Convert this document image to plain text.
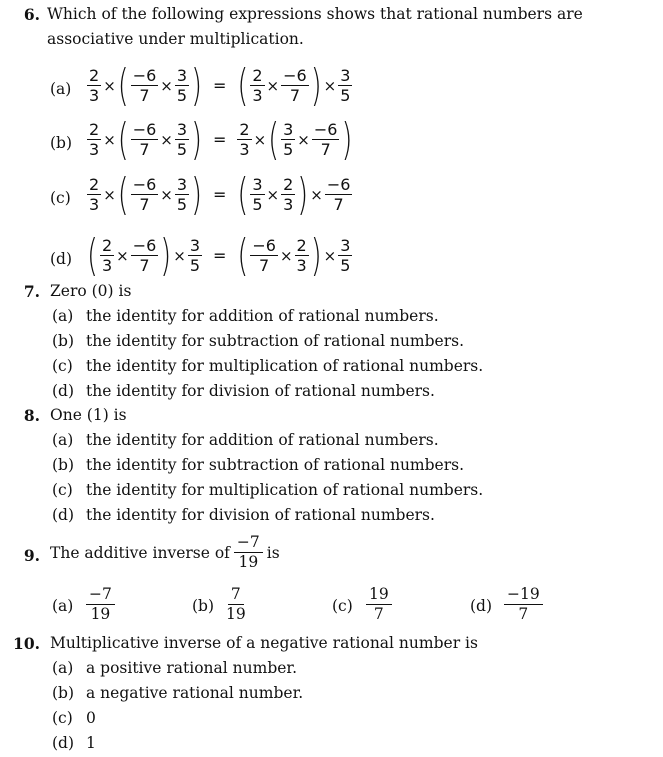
6. Which of the following expressions shows that rational numbers are
associative under multiplication.
7. Zero (0) is
8. One (1) is
9. The additive inverse of $\frac{-7}{19}$ is
10. Multiplicative inverse of a negative rational number is
$(a) \frac{2}{3}$ × ( $\frac{-6}{7} \times \frac{3}{5}$ ) = ( $\frac{2}{3} \times \frac{-6}{7}$ ) × $\frac{3}{5}$
$(b) \frac{2}{3}$ × ( $\frac{-6}{7} \times \frac{3}{5}$ ) = $\frac{2}{3}$ × ( $\frac{3}{5} \times \frac{-6}{7}$ )
$(c) \frac{2}{3}$ × ( $\frac{-6}{7} \times \frac{3}{5}$ ) = ( $\frac{3}{5} \times \frac{2}{3}$ ) × $\frac{-6}{7}$
(d) ( $\frac{2}{3} \times \frac{-6}{7}$ ) × $\frac{3}{5}$ = ( $\frac{-6}{7} \times \frac{2}{3}$ ) × $\frac{3}{5}$
(a) the identity for addition of rational numbers.
(b) the identity for subtraction of rational numbers.
(c) the identity for multiplication of rational numbers.
(d) the identity for division of rational numbers.
(a) the identity for addition of rational numbers.
(b) the identity for subtraction of rational numbers.
(c) the identity for multiplication of rational numbers.
(d) the identity for division of rational numbers.
(a) a positive rational number.
(b) a negative rational number.
(c) 0
(d) 1
$(a) \frac{-7}{19}$	$(b) \frac{7}{19}$	$(c) \frac{19}{7}$	$(d) \frac{-19}{7}$
